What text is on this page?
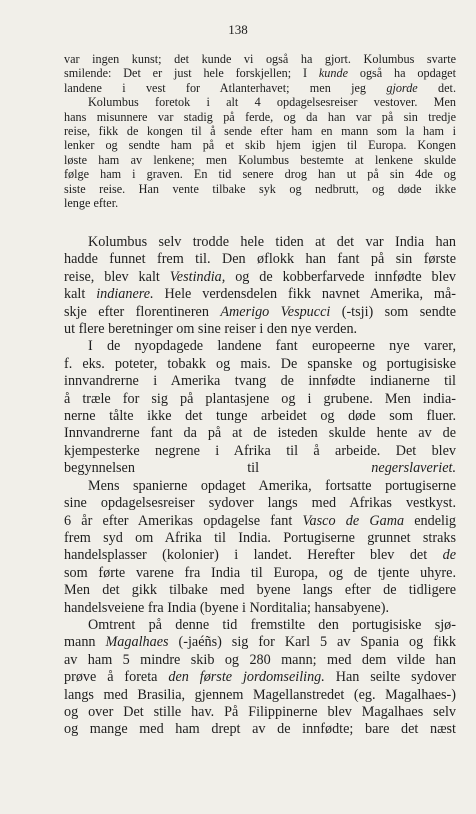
138
var ingen kunst; det kunde vi også ha gjort. Kolumbus svarte
smilende: Det er just hele forskjellen; I kunde også ha opdaget
landene i vest for Atlanterhavet; men jeg gjorde det.
Kolumbus foretok i alt 4 opdagelsesreiser vestover. Men
hans misunnere var stadig på ferde, og da han var på sin tredje
reise, fikk de kongen til å sende efter ham en mann som la ham i
lenker og sendte ham på et skib hjem igjen til Europa. Kongen
løste ham av lenkene; men Kolumbus bestemte at lenkene skulde
følge ham i graven. En tid senere drog han ut på sin 4de og
siste reise. Han vente tilbake syk og nedbrutt, og døde ikke
lenge efter.
Kolumbus selv trodde hele tiden at det var India han
hadde funnet frem til. Den øflokk han fant på sin første
reise, blev kalt Vestindia, og de kobberfarvede innfødte blev
kalt indianere. Hele verdensdelen fikk navnet Amerika, må-
skje efter florentineren Amerigo Vespucci (-tsji) som sendte
ut flere beretninger om sine reiser i den nye verden.
I de nyopdagede landene fant europeerne nye varer,
f. eks. poteter, tobakk og mais. De spanske og portugisiske
innvandrerne i Amerika tvang de innfødte indianerne til
å træle for sig på plantasjene og i grubene. Men india-
nerne tålte ikke det tunge arbeidet og døde som fluer.
Innvandrerne fant da på at de isteden skulde hente av de
kjempesterke negrene i Afrika til å arbeide. Det blev
begynnelsen til negerslaveriet.
Mens spanierne opdaget Amerika, fortsatte portugiserne
sine opdagelsesreiser sydover langs med Afrikas vestkyst.
6 år efter Amerikas opdagelse fant Vasco de Gama endelig
frem syd om Afrika til India. Portugiserne grunnet straks
handelsplasser (kolonier) i landet. Herefter blev det de
som førte varene fra India til Europa, og de tjente uhyre.
Men det gikk tilbake med byene langs efter de tidligere
handelsveiene fra India (byene i Norditalia; hansabyene).
Omtrent på denne tid fremstilte den portugisiske sjø-
mann Magalhaes (-jaéñs) sig for Karl 5 av Spania og fikk
av ham 5 mindre skib og 280 mann; med dem vilde han
prøve å foreta den første jordomseiling. Han seilte sydover
langs med Brasilia, gjennem Magellanstredet (eg. Magalhaes-)
og over Det stille hav. På Filippinerne blev Magalhaes selv
og mange med ham drept av de innfødte; bare det næst
